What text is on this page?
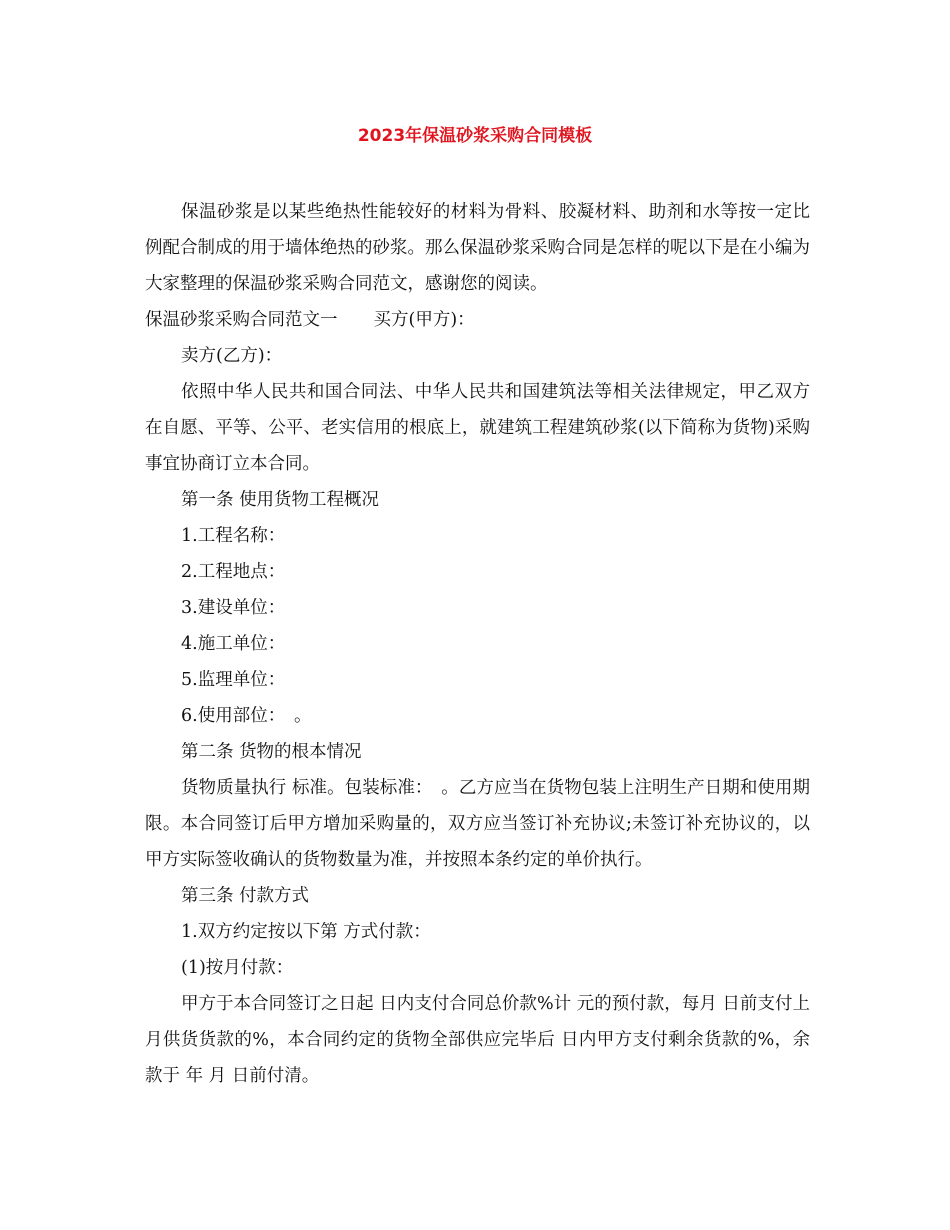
2023年保温砂浆采购合同模板

保温砂浆是以某些绝热性能较好的材料为骨料、胶凝材料、助剂和水等按一定比例配合制成的用于墙体绝热的砂浆。那么保温砂浆采购合同是怎样的呢以下是在小编为大家整理的保温砂浆采购合同范文，感谢您的阅读。

保温砂浆采购合同范文一 买方(甲方)：

卖方(乙方)：

依照中华人民共和国合同法、中华人民共和国建筑法等相关法律规定，甲乙双方在自愿、平等、公平、老实信用的根底上，就建筑工程建筑砂浆(以下简称为货物)采购事宜协商订立本合同。

第一条 使用货物工程概况

1.工程名称：

2.工程地点：

3.建设单位：

4.施工单位：

5.监理单位：

6.使用部位：　。

第二条 货物的根本情况

货物质量执行 标准。包装标准：　。乙方应当在货物包装上注明生产日期和使用期限。本合同签订后甲方增加采购量的，双方应当签订补充协议;未签订补充协议的，以甲方实际签收确认的货物数量为准，并按照本条约定的单价执行。

第三条 付款方式

1.双方约定按以下第 方式付款：

(1)按月付款：

甲方于本合同签订之日起 日内支付合同总价款%计 元的预付款，每月 日前支付上月供货货款的%，本合同约定的货物全部供应完毕后 日内甲方支付剩余货款的%，余款于 年 月 日前付清。
